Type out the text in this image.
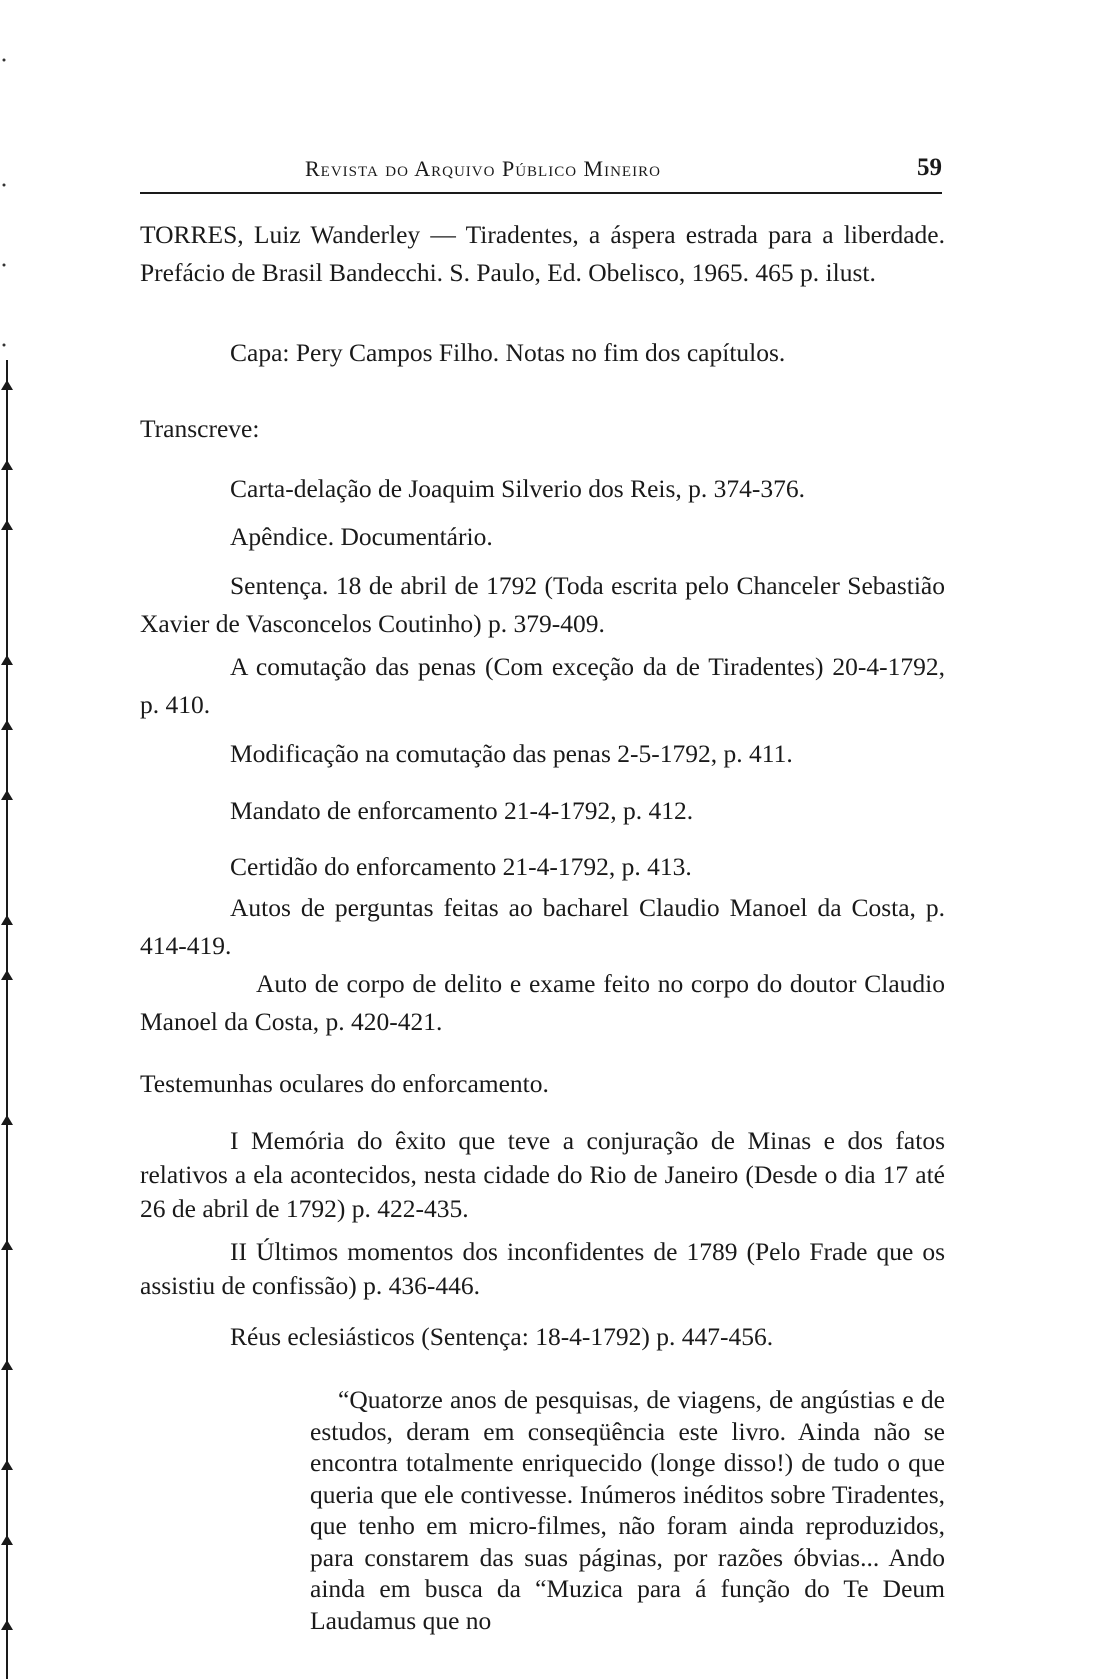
Revista do Arquivo Público Mineiro	59

TORRES, Luiz Wanderley — Tiradentes, a áspera estrada para a liberdade. Prefácio de Brasil Bandecchi. S. Paulo, Ed. Obelisco, 1965. 465 p. ilust.

Capa: Pery Campos Filho. Notas no fim dos capítulos.

Transcreve:

Carta-delação de Joaquim Silverio dos Reis, p. 374-376.

Apêndice. Documentário.

Sentença. 18 de abril de 1792 (Toda escrita pelo Chanceler Sebastião Xavier de Vasconcelos Coutinho) p. 379-409.

A comutação das penas (Com exceção da de Tiradentes) 20-4-1792, p. 410.

Modificação na comutação das penas 2-5-1792, p. 411.

Mandato de enforcamento 21-4-1792, p. 412.

Certidão do enforcamento 21-4-1792, p. 413.

Autos de perguntas feitas ao bacharel Claudio Manoel da Costa, p. 414-419.

Auto de corpo de delito e exame feito no corpo do doutor Claudio Manoel da Costa, p. 420-421.

Testemunhas oculares do enforcamento.

I Memória do êxito que teve a conjuração de Minas e dos fatos relativos a ela acontecidos, nesta cidade do Rio de Janeiro (Desde o dia 17 até 26 de abril de 1792) p. 422-435.

II Últimos momentos dos inconfidentes de 1789 (Pelo Frade que os assistiu de confissão) p. 436-446.

Réus eclesiásticos (Sentença: 18-4-1792) p. 447-456.

“Quatorze anos de pesquisas, de viagens, de angústias e de estudos, deram em conseqüência este livro. Ainda não se encontra totalmente enriquecido (longe disso!) de tudo o que queria que ele contivesse. Inúmeros inéditos sobre Tiradentes, que tenho em micro-filmes, não foram ainda reproduzidos, para constarem das suas páginas, por razões óbvias... Ando ainda em busca da “Muzica para á função do Te Deum Laudamus que no
